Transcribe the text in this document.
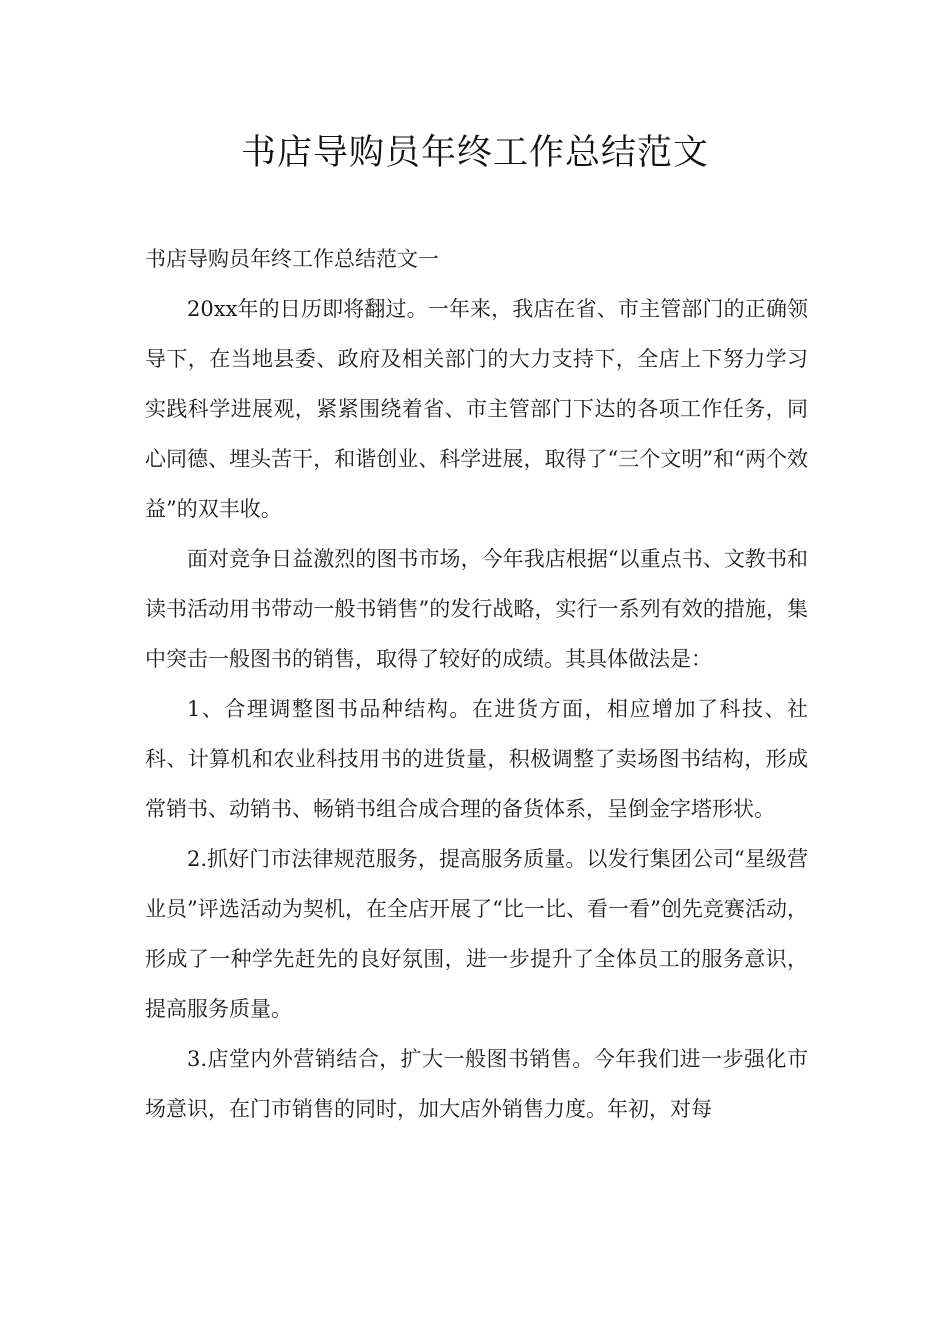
书店导购员年终工作总结范文

书店导购员年终工作总结范文一

20xx年的日历即将翻过。一年来，我店在省、市主管部门的正确领导下，在当地县委、政府及相关部门的大力支持下，全店上下努力学习实践科学进展观，紧紧围绕着省、市主管部门下达的各项工作任务，同心同德、埋头苦干，和谐创业、科学进展，取得了“三个文明”和“两个效益”的双丰收。

面对竞争日益激烈的图书市场，今年我店根据“以重点书、文教书和读书活动用书带动一般书销售”的发行战略，实行一系列有效的措施，集中突击一般图书的销售，取得了较好的成绩。其具体做法是：

1、合理调整图书品种结构。在进货方面，相应增加了科技、社科、计算机和农业科技用书的进货量，积极调整了卖场图书结构，形成常销书、动销书、畅销书组合成合理的备货体系，呈倒金字塔形状。

2.抓好门市法律规范服务，提高服务质量。以发行集团公司“星级营业员”评选活动为契机，在全店开展了“比一比、看一看”创先竞赛活动，形成了一种学先赶先的良好氛围，进一步提升了全体员工的服务意识，提高服务质量。

3.店堂内外营销结合，扩大一般图书销售。今年我们进一步强化市场意识，在门市销售的同时，加大店外销售力度。年初，对每
